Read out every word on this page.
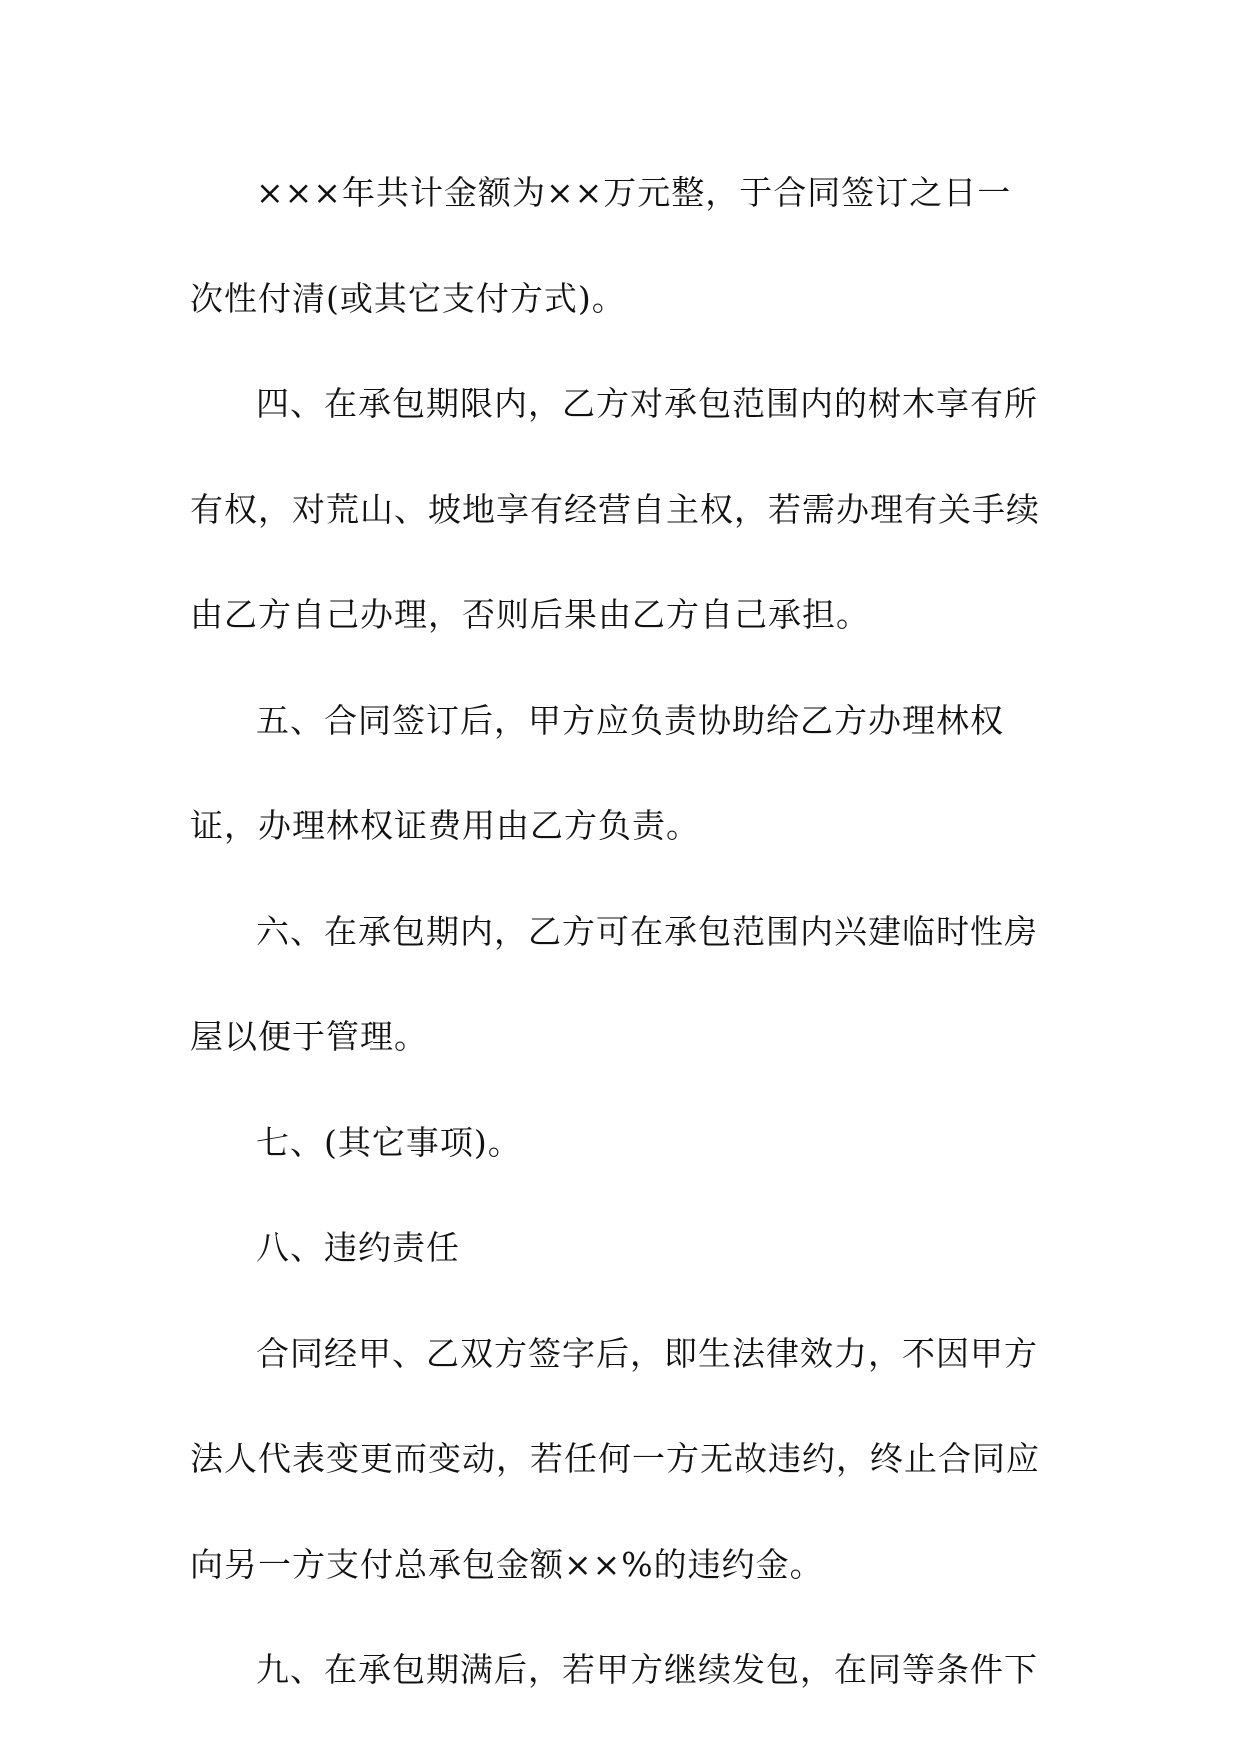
×××年共计金额为××万元整，于合同签订之日一
次性付清(或其它支付方式)。
四、在承包期限内，乙方对承包范围内的树木享有所
有权，对荒山、坡地享有经营自主权，若需办理有关手续
由乙方自己办理，否则后果由乙方自己承担。
五、合同签订后，甲方应负责协助给乙方办理林权
证，办理林权证费用由乙方负责。
六、在承包期内，乙方可在承包范围内兴建临时性房
屋以便于管理。
七、(其它事项)。
八、违约责任
合同经甲、乙双方签字后，即生法律效力，不因甲方
法人代表变更而变动，若任何一方无故违约，终止合同应
向另一方支付总承包金额××%的违约金。
九、在承包期满后，若甲方继续发包，在同等条件下
